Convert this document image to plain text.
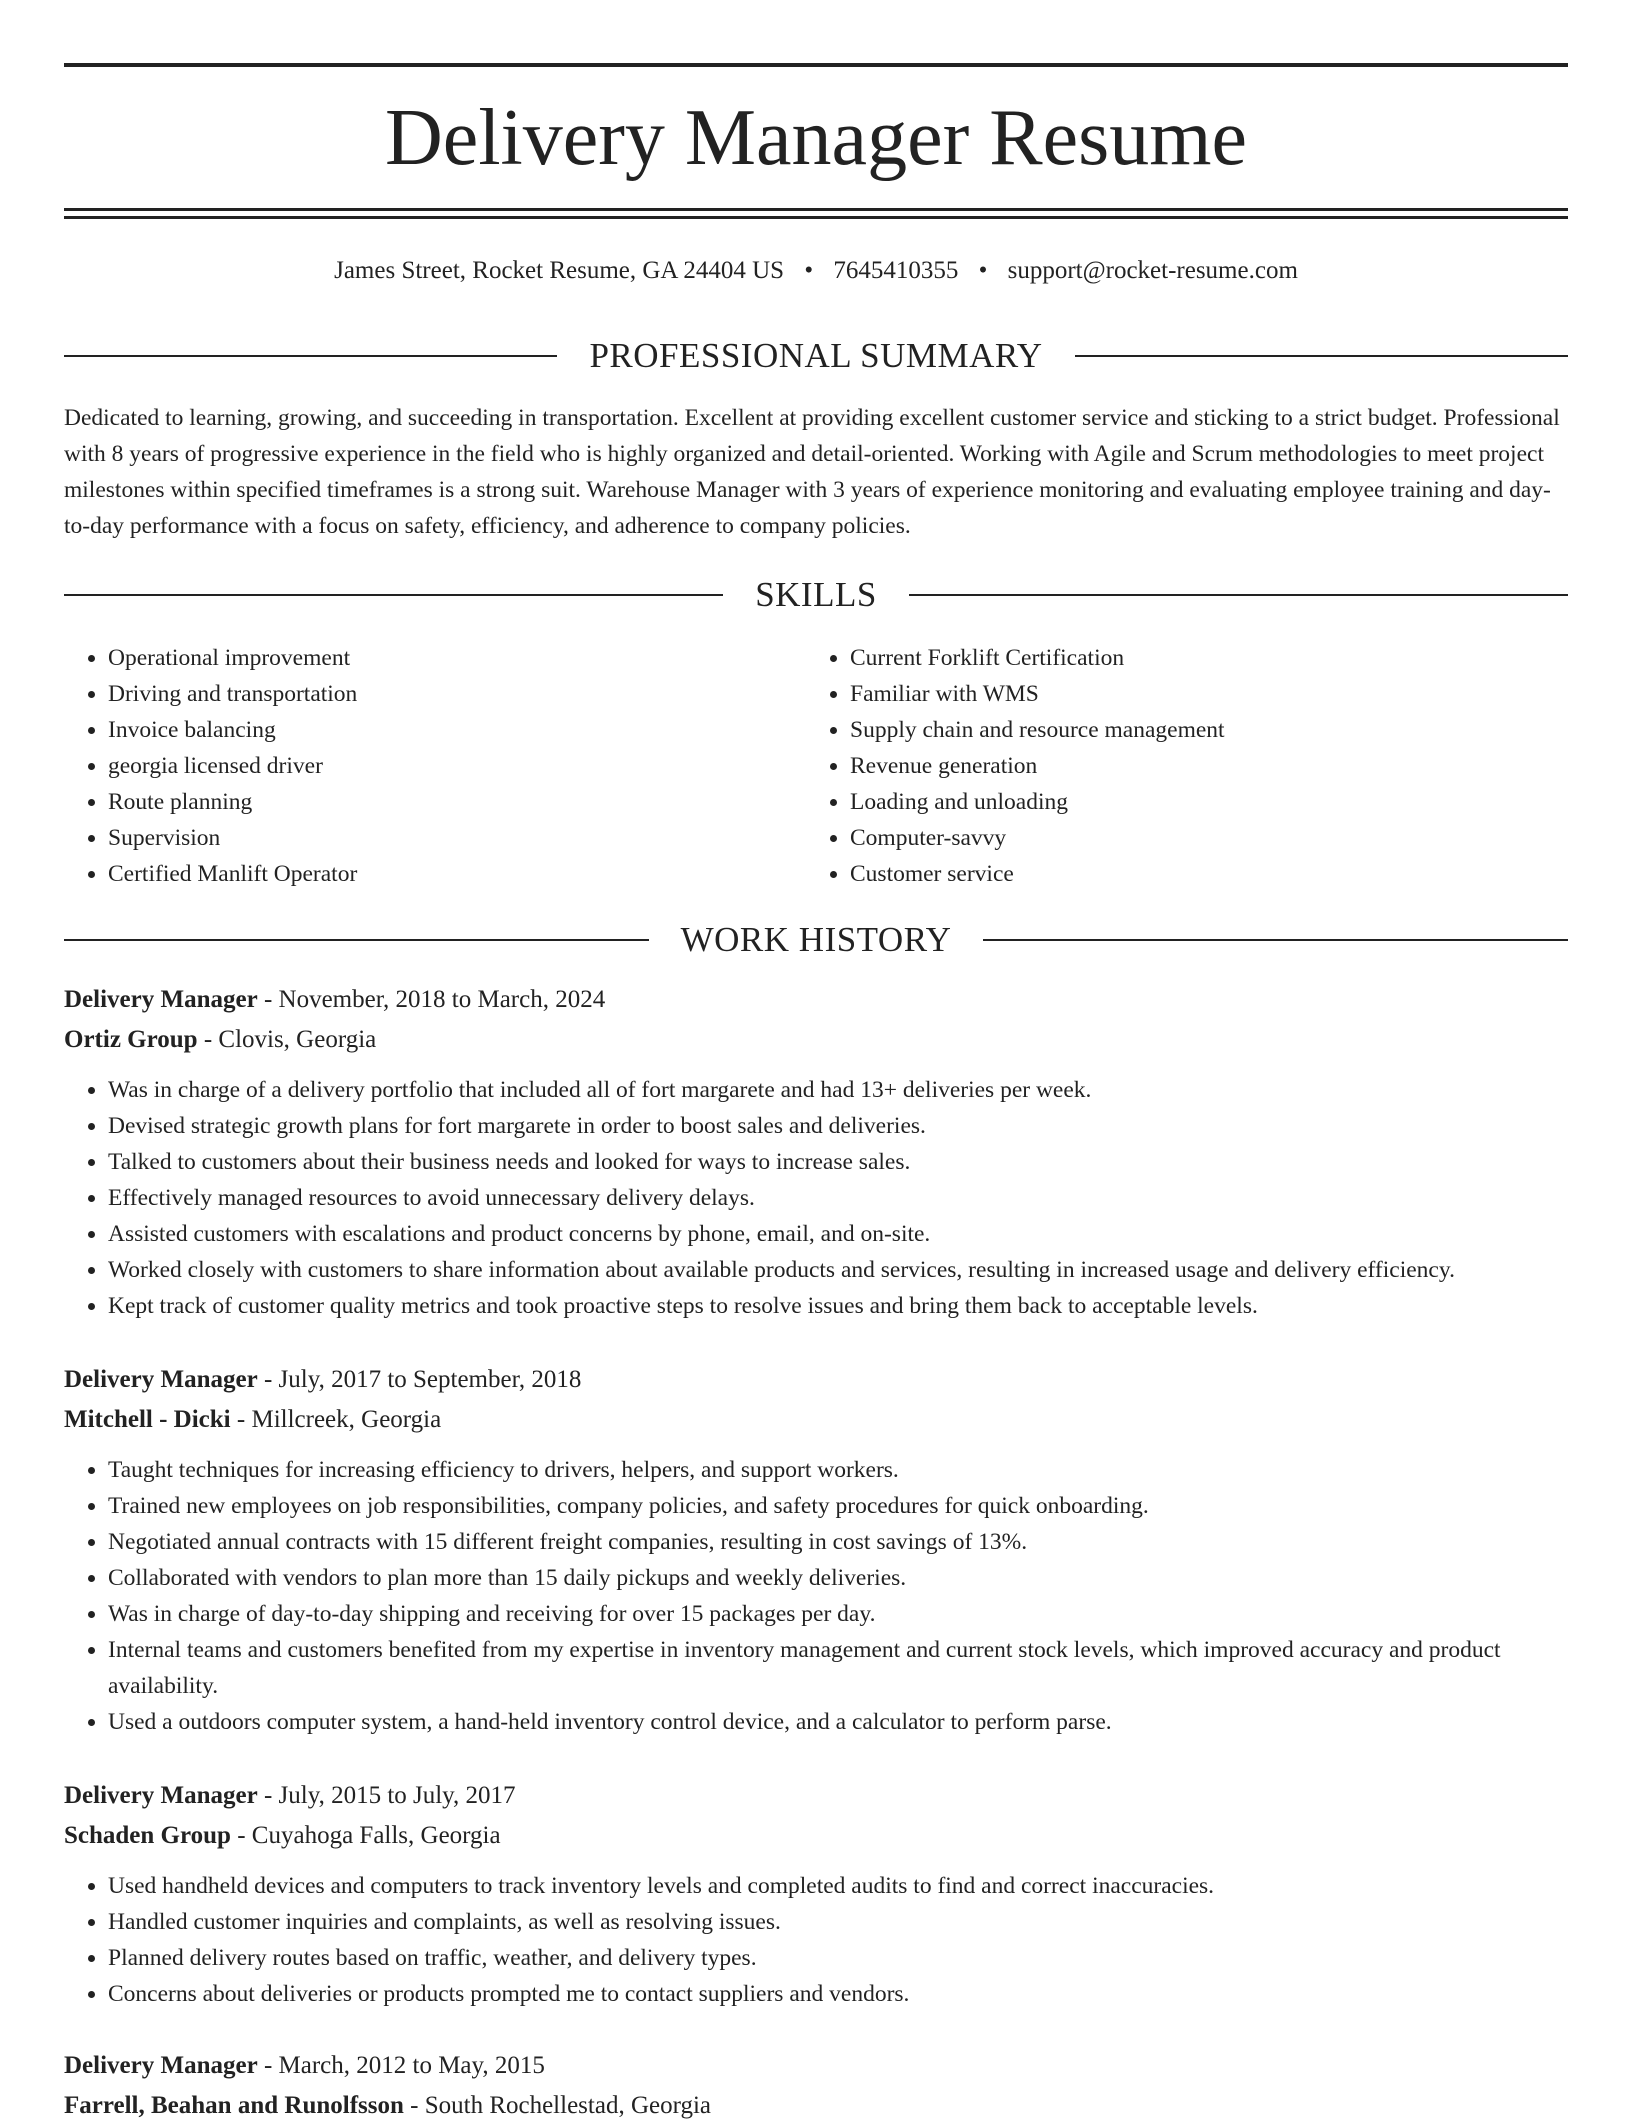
Delivery Manager Resume
James Street, Rocket Resume, GA 24404 US • 7645410355 • support@rocket-resume.com
PROFESSIONAL SUMMARY

Dedicated to learning, growing, and succeeding in transportation. Excellent at providing excellent customer service and sticking to a strict budget. Professional with 8 years of progressive experience in the field who is highly organized and detail-oriented. Working with Agile and Scrum methodologies to meet project milestones within specified timeframes is a strong suit. Warehouse Manager with 3 years of experience monitoring and evaluating employee training and day-to-day performance with a focus on safety, efficiency, and adherence to company policies.

SKILLS
• Operational improvement
• Driving and transportation
• Invoice balancing
• georgia licensed driver
• Route planning
• Supervision
• Certified Manlift Operator
• Current Forklift Certification
• Familiar with WMS
• Supply chain and resource management
• Revenue generation
• Loading and unloading
• Computer-savvy
• Customer service
WORK HISTORY
Delivery Manager - November, 2018 to March, 2024
Ortiz Group - Clovis, Georgia
• Was in charge of a delivery portfolio that included all of fort margarete and had 13+ deliveries per week.
• Devised strategic growth plans for fort margarete in order to boost sales and deliveries.
• Talked to customers about their business needs and looked for ways to increase sales.
• Effectively managed resources to avoid unnecessary delivery delays.
• Assisted customers with escalations and product concerns by phone, email, and on-site.
• Worked closely with customers to share information about available products and services, resulting in increased usage and delivery efficiency.
• Kept track of customer quality metrics and took proactive steps to resolve issues and bring them back to acceptable levels.
Delivery Manager - July, 2017 to September, 2018
Mitchell - Dicki - Millcreek, Georgia
• Taught techniques for increasing efficiency to drivers, helpers, and support workers.
• Trained new employees on job responsibilities, company policies, and safety procedures for quick onboarding.
• Negotiated annual contracts with 15 different freight companies, resulting in cost savings of 13%.
• Collaborated with vendors to plan more than 15 daily pickups and weekly deliveries.
• Was in charge of day-to-day shipping and receiving for over 15 packages per day.
• Internal teams and customers benefited from my expertise in inventory management and current stock levels, which improved accuracy and product availability.
• Used a outdoors computer system, a hand-held inventory control device, and a calculator to perform parse.
Delivery Manager - July, 2015 to July, 2017
Schaden Group - Cuyahoga Falls, Georgia
• Used handheld devices and computers to track inventory levels and completed audits to find and correct inaccuracies.
• Handled customer inquiries and complaints, as well as resolving issues.
• Planned delivery routes based on traffic, weather, and delivery types.
• Concerns about deliveries or products prompted me to contact suppliers and vendors.
Delivery Manager - March, 2012 to May, 2015
Farrell, Beahan and Runolfsson - South Rochellestad, Georgia
